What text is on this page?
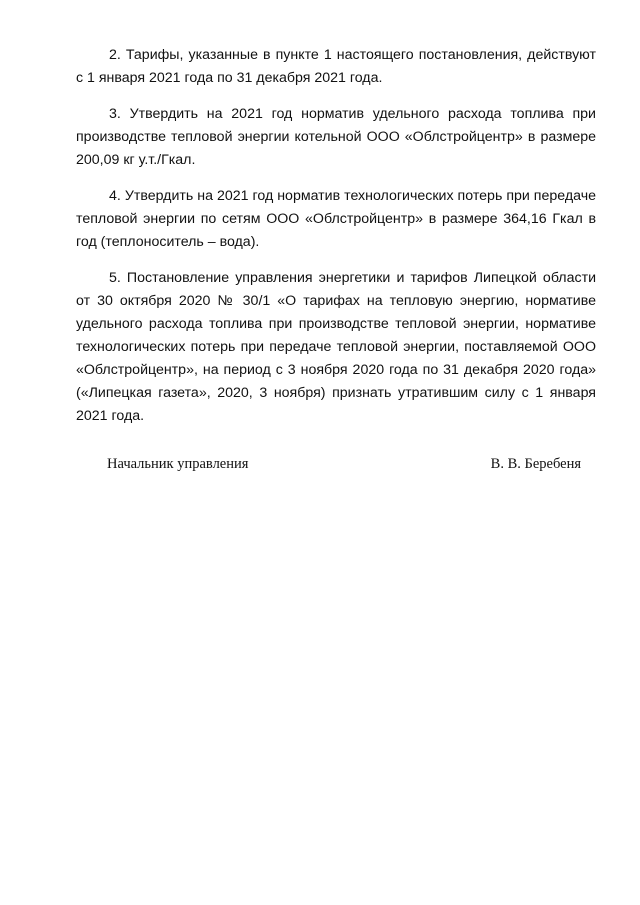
2. Тарифы, указанные в пункте 1 настоящего постановления, действуют с 1 января 2021 года по 31 декабря 2021 года.

3. Утвердить на 2021 год норматив удельного расхода топлива при производстве тепловой энергии котельной ООО «Облстройцентр» в размере 200,09 кг у.т./Гкал.

4. Утвердить на 2021 год норматив технологических потерь при передаче тепловой энергии по сетям ООО «Облстройцентр» в размере 364,16 Гкал в год (теплоноситель – вода).

5. Постановление управления энергетики и тарифов Липецкой области от 30 октября 2020 № 30/1 «О тарифах на тепловую энергию, нормативе удельного расхода топлива при производстве тепловой энергии, нормативе технологических потерь при передаче тепловой энергии, поставляемой ООО «Облстройцентр», на период с 3 ноября 2020 года по 31 декабря 2020 года» («Липецкая газета», 2020, 3 ноября) признать утратившим силу с 1 января 2021 года.

Начальник управления	В. В. Беребеня
